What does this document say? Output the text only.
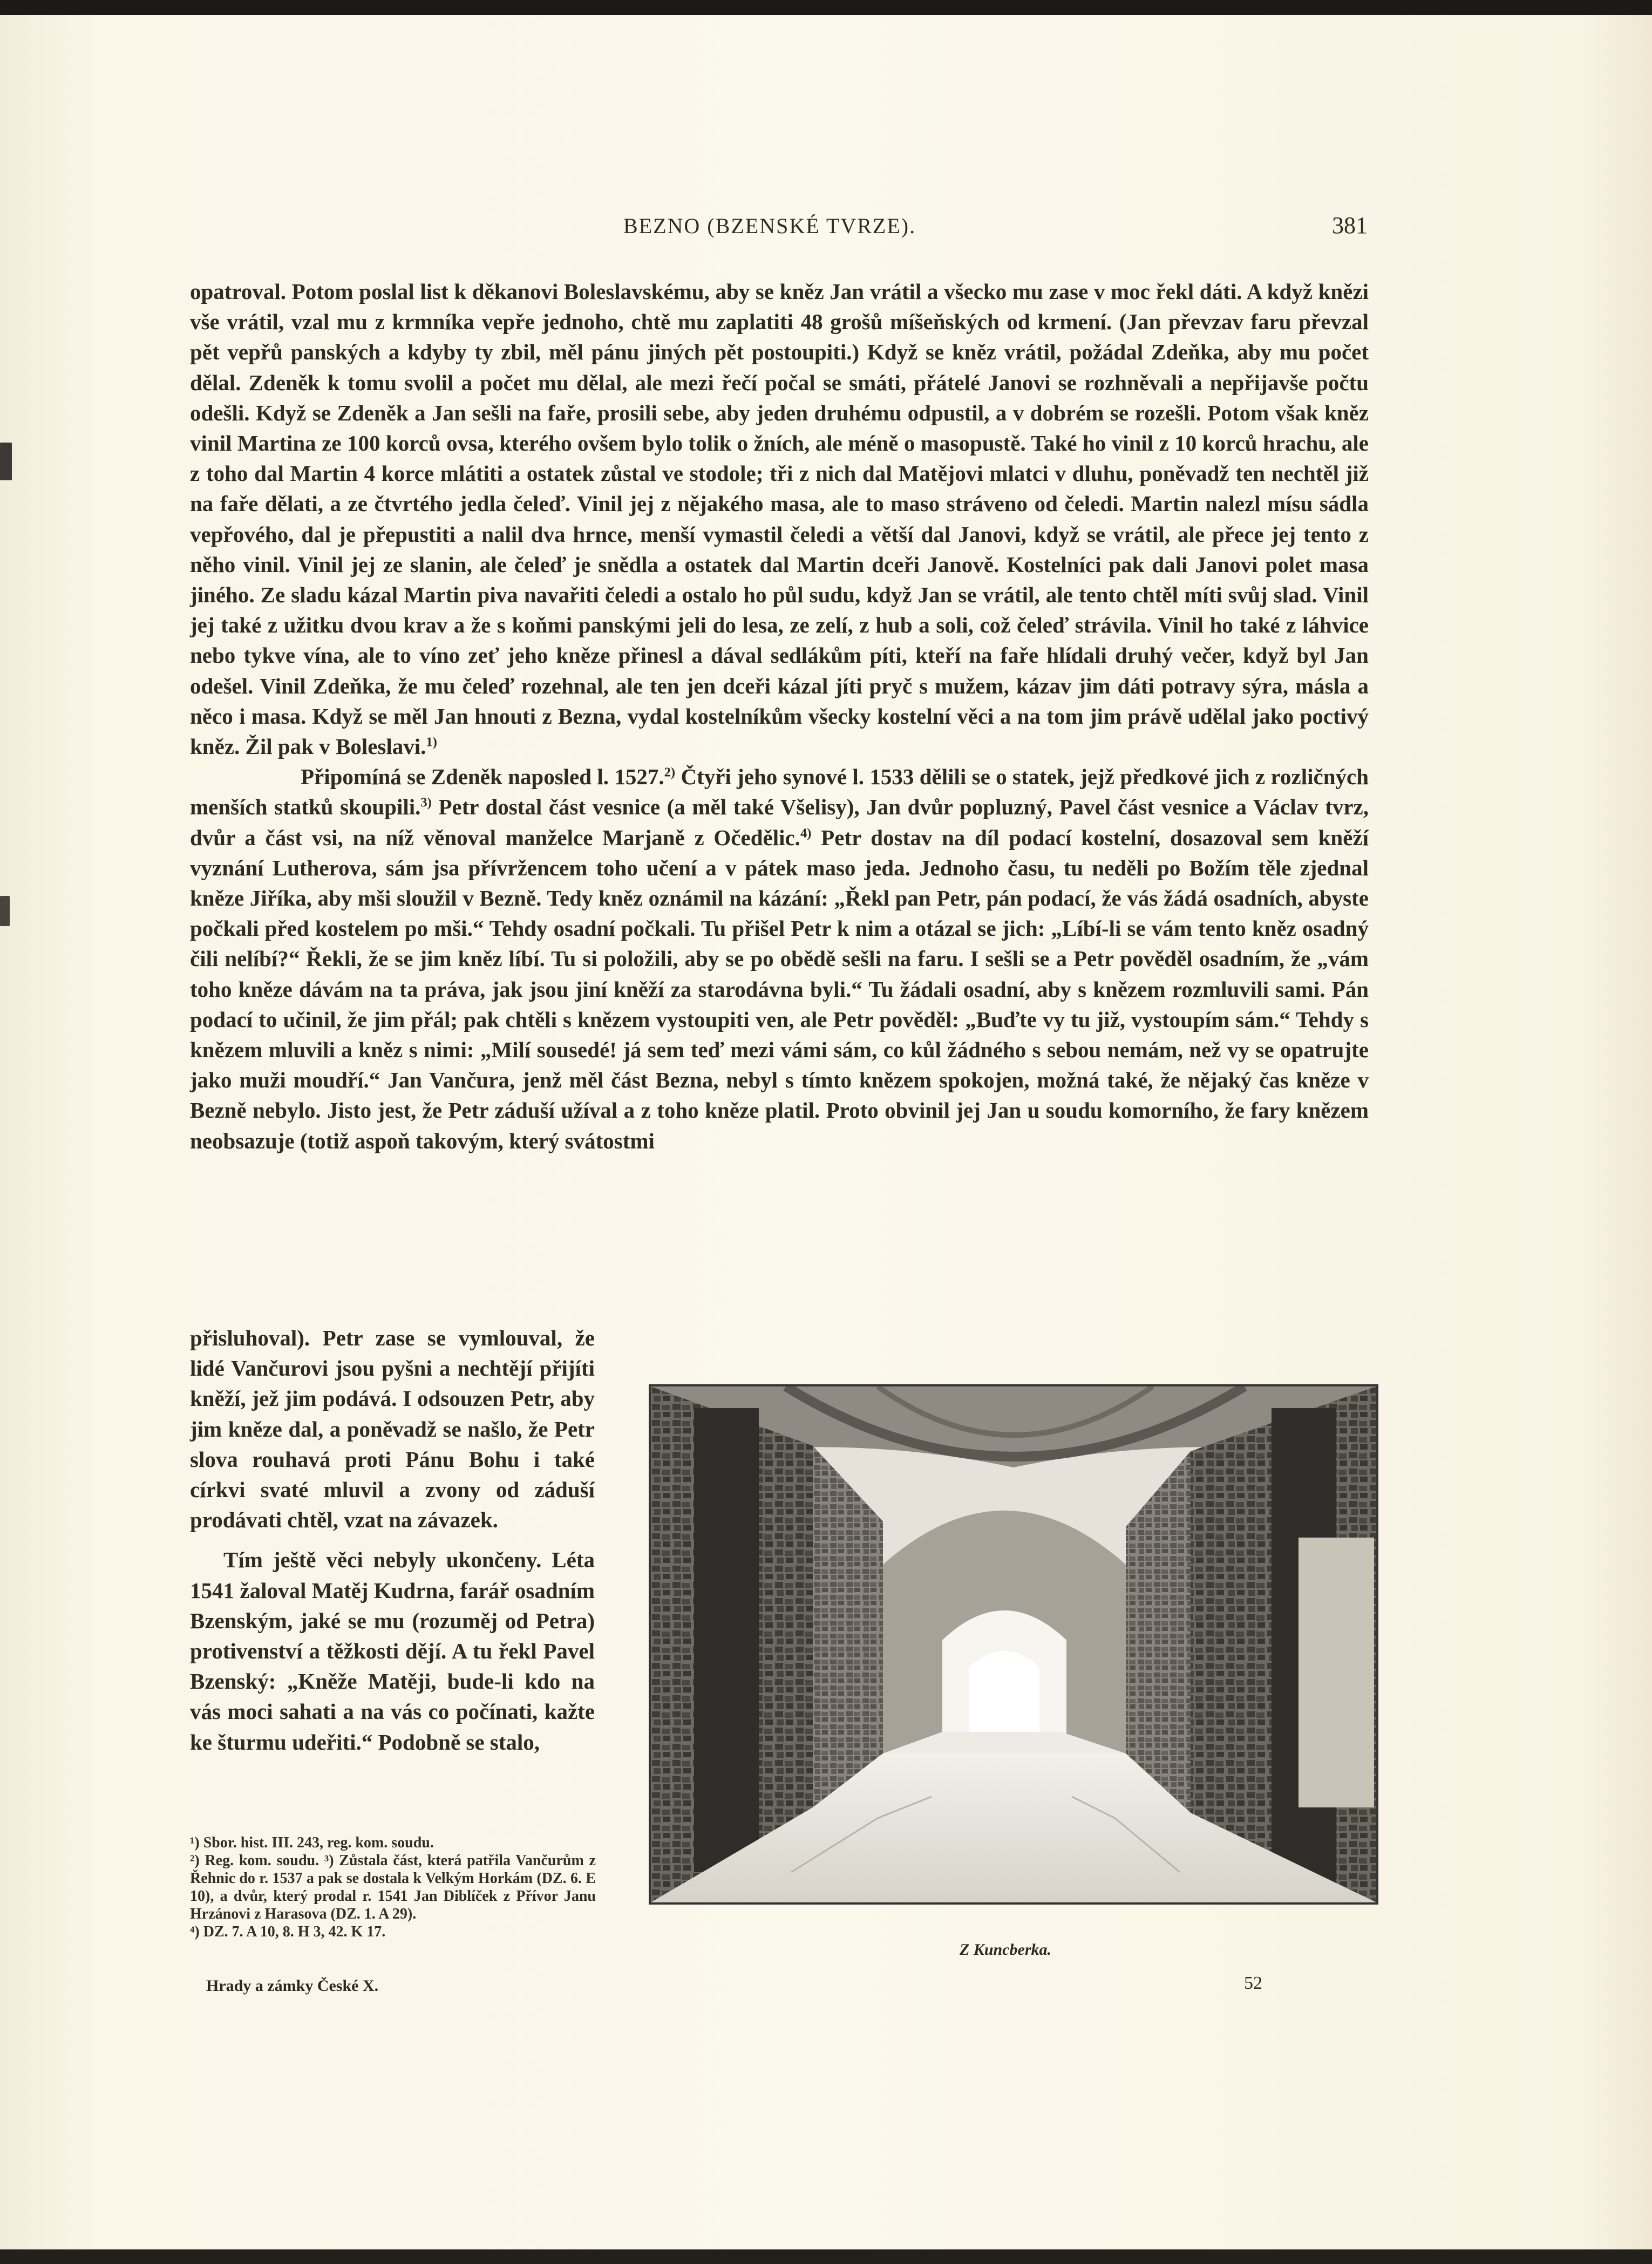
BEZNO (BZENSKÉ TVRZE).	381

opatroval. Potom poslal list k děkanovi Boleslavskému, aby se kněz Jan vrátil a všecko mu zase v moc řekl dáti. A když knězi vše vrátil, vzal mu z krmníka vepře jednoho, chtě mu zaplatiti 48 grošů míšeňských od krmení. (Jan převzav faru převzal pět vepřů panských a kdyby ty zbil, měl pánu jiných pět postoupiti.) Když se kněz vrátil, požádal Zdeňka, aby mu počet dělal. Zdeněk k tomu svolil a počet mu dělal, ale mezi řečí počal se smáti, přátelé Janovi se rozhněvali a nepřijavše počtu odešli. Když se Zdeněk a Jan sešli na faře, prosili sebe, aby jeden druhému odpustil, a v dobrém se rozešli. Potom však kněz vinil Martina ze 100 korců ovsa, kterého ovšem bylo tolik o žních, ale méně o masopustě. Také ho vinil z 10 korců hrachu, ale z toho dal Martin 4 korce mlátiti a ostatek zůstal ve stodole; tři z nich dal Matějovi mlatci v dluhu, poněvadž ten nechtěl již na faře dělati, a ze čtvrtého jedla čeleď. Vinil jej z nějakého masa, ale to maso stráveno od čeledi. Martin nalezl mísu sádla vepřového, dal je přepustiti a nalil dva hrnce, menší vymastil čeledi a větší dal Janovi, když se vrátil, ale přece jej tento z něho vinil. Vinil jej ze slanin, ale čeleď je snědla a ostatek dal Martin dceři Janově. Kostelníci pak dali Janovi polet masa jiného. Ze sladu kázal Martin piva navařiti čeledi a ostalo ho půl sudu, když Jan se vrátil, ale tento chtěl míti svůj slad. Vinil jej také z užitku dvou krav a že s koňmi panskými jeli do lesa, ze zelí, z hub a soli, což čeleď strávila. Vinil ho také z láhvice nebo tykve vína, ale to víno zeť jeho kněze přinesl a dával sedlákům píti, kteří na faře hlídali druhý večer, když byl Jan odešel. Vinil Zdeňka, že mu čeleď rozehnal, ale ten jen dceři kázal jíti pryč s mužem, kázav jim dáti potravy sýra, másla a něco i masa. Když se měl Jan hnouti z Bezna, vydal kostelníkům všecky kostelní věci a na tom jim právě udělal jako poctivý kněz. Žil pak v Boleslavi.$^{1)}$

Připomíná se Zdeněk naposled l. 1527.$^{2)}$ Čtyři jeho synové l. 1533 dělili se o statek, jejž předkové jich z rozličných menších statků skoupili.$^{3)}$ Petr dostal část vesnice (a měl také Všelisy), Jan dvůr popluzný, Pavel část vesnice a Václav tvrz, dvůr a část vsi, na níž věnoval manželce Marjaně z Očedělic.$^{4)}$ Petr dostav na díl podací kostelní, dosazoval sem kněží vyznání Lutherova, sám jsa přívržencem toho učení a v pátek maso jeda. Jednoho času, tu neděli po Božím těle zjednal kněze Jiříka, aby mši sloužil v Bezně. Tedy kněz oznámil na kázání: „Řekl pan Petr, pán podací, že vás žádá osadních, abyste počkali před kostelem po mši.“ Tehdy osadní počkali. Tu přišel Petr k nim a otázal se jich: „Líbí-li se vám tento kněz osadný čili nelíbí?“ Řekli, že se jim kněz líbí. Tu si položili, aby se po obědě sešli na faru. I sešli se a Petr pověděl osadním, že „vám toho kněze dávám na ta práva, jak jsou jiní kněží za starodávna byli.“ Tu žádali osadní, aby s knězem rozmluvili sami. Pán podací to učinil, že jim přál; pak chtěli s knězem vystoupiti ven, ale Petr pověděl: „Buďte vy tu již, vystoupím sám.“ Tehdy s knězem mluvili a kněz s nimi: „Milí sousedé! já sem teď mezi vámi sám, co kůl žádného s sebou nemám, než vy se opatrujte jako muži moudří.“ Jan Vančura, jenž měl část Bezna, nebyl s tímto knězem spokojen, možná také, že nějaký čas kněze v Bezně nebylo. Jisto jest, že Petr záduší užíval a z toho kněze platil. Proto obvinil jej Jan u soudu komorního, že fary knězem neobsazuje (totiž aspoň takovým, který svátostmi

přisluhoval). Petr zase se vymlouval, že lidé Vančurovi jsou pyšni a nechtějí přijíti kněží, jež jim podává. I odsouzen Petr, aby jim kněze dal, a poněvadž se našlo, že Petr slova rouhavá proti Pánu Bohu i také církvi svaté mluvil a zvony od záduší prodávati chtěl, vzat na závazek.

Tím ještě věci nebyly ukončeny. Léta 1541 žaloval Matěj Kudrna, farář osadním Bzenským, jaké se mu (rozuměj od Petra) protivenství a těžkosti dějí. A tu řekl Pavel Bzenský: „Kněže Matěji, bude-li kdo na vás moci sahati a na vás co počínati, kažte ke šturmu udeřiti.“ Podobně se stalo,

Z Kuncberka.

¹) Sbor. hist. III. 243, reg. kom. soudu.

²) Reg. kom. soudu. ³) Zůstala část, která patřila Vančurům z Řehnic do r. 1537 a pak se dostala k Velkým Horkám (DZ. 6. E 10), a dvůr, který prodal r. 1541 Jan Diblíček z Přívor Janu Hrzánovi z Harasova (DZ. 1. A 29).

⁴) DZ. 7. A 10, 8. H 3, 42. K 17.

Hrady a zámky České X.	52
